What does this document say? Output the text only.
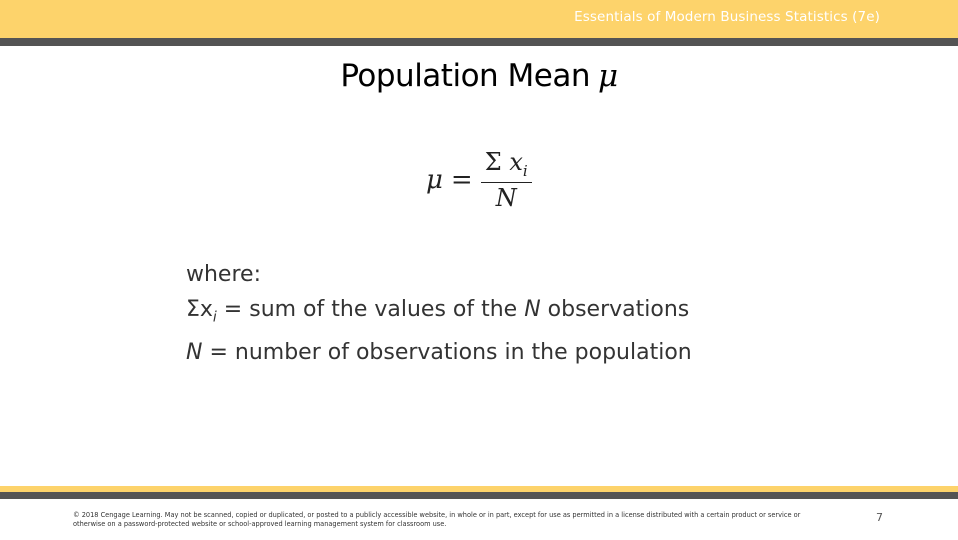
Essentials of Modern Business Statistics (7e)
Population Mean μ
$\mu = \frac{\Sigma x_i}{N}$
where:
$\Sigma x_i$ = sum of the values of the N observations
N = number of observations in the population
© 2018 Cengage Learning. May not be scanned, copied or duplicated, or posted to a publicly accessible website, in whole or in part, except for use as permitted in a license distributed with a certain product or service or
otherwise on a password-protected website or school-approved learning management system for classroom use.	7
